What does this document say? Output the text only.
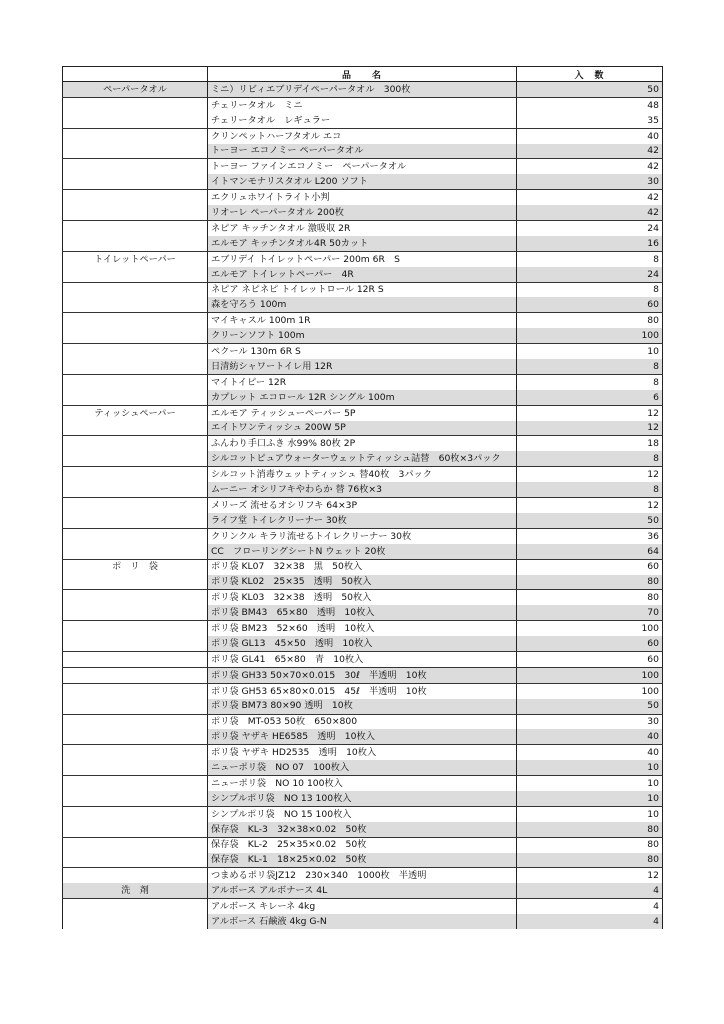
	品　　名	入　数
ペーパータオル	ミニ）リビィエブリデイペーパータオル　300枚	50
	チェリータオル　ミニ	48
	チェリータオル　レギュラー	35
	クリンペットハーフタオル エコ	40
	トーヨー エコノミー ペーパータオル	42
	トーヨー ファインエコノミー　ペーパータオル	42
	イトマンモナリスタオル L200 ソフト	30
	エクリュホワイトライト小判	42
	リオーレ ペーパータオル 200枚	42
	ネピア キッチンタオル 激吸収 2R	24
	エルモア キッチンタオル4R 50カット	16
トイレットペーパー	エブリデイ トイレットペーパー 200m 6R　S	8
	エルモア トイレットペーパー　4R	24
	ネピア ネピネピ トイレットロール 12R S	8
	森を守ろう 100m	60
	マイキャスル 100m 1R	80
	クリーンソフト 100m	100
	ペクール 130m 6R S	10
	日清紡シャワートイレ用 12R	8
	マイトイピー 12R	8
	カプレット エコロール 12R シングル 100m	6
ティッシュペーパー	エルモア ティッシューペーパー 5P	12
	エイトワンティッシュ 200W 5P	12
	ふんわり手口ふき 水99% 80枚 2P	18
	シルコットピュアウォーターウェットティッシュ詰替　60枚×3パック	8
	シルコット消毒ウェットティッシュ 替40枚　3パック	12
	ムーニー オシリフキやわらか 替 76枚×3	8
	メリーズ 流せるオシリフキ 64×3P	12
	ライフ堂 トイレクリーナー 30枚	50
	クリンクル キラリ流せるトイレクリーナー 30枚	36
	CC　フローリングシートN ウェット 20枚	64
ポ　リ　袋	ポリ袋 KL07　32×38　黒　50枚入	60
	ポリ袋 KL02　25×35　透明　50枚入	80
	ポリ袋 KL03　32×38　透明　50枚入	80
	ポリ袋 BM43　65×80　透明　10枚入	70
	ポリ袋 BM23　52×60　透明　10枚入	100
	ポリ袋 GL13　45×50　透明　10枚入	60
	ポリ袋 GL41　65×80　青　10枚入	60
	ポリ袋 GH33 50×70×0.015　30ℓ　半透明　10枚	100
	ポリ袋 GH53 65×80×0.015　45ℓ　半透明　10枚	100
	ポリ袋 BM73 80×90 透明　10枚	50
	ポリ袋　MT-053 50枚　650×800	30
	ポリ袋 ヤザキ HE6585　透明　10枚入	40
	ポリ袋 ヤザキ HD2535　透明　10枚入	40
	ニューポリ袋　NO 07　100枚入	10
	ニューポリ袋　NO 10 100枚入	10
	シンプルポリ袋　NO 13 100枚入	10
	シンプルポリ袋　NO 15 100枚入	10
	保存袋　KL-3　32×38×0.02　50枚	80
	保存袋　KL-2　25×35×0.02　50枚	80
	保存袋　KL-1　18×25×0.02　50枚	80
	つまめるポリ袋JZ12　230×340　1000枚　半透明	12
洗　剤	アルボース アルボナース 4L	4
	アルボース キレーネ 4kg	4
	アルボース 石鹸液 4kg G-N	4
